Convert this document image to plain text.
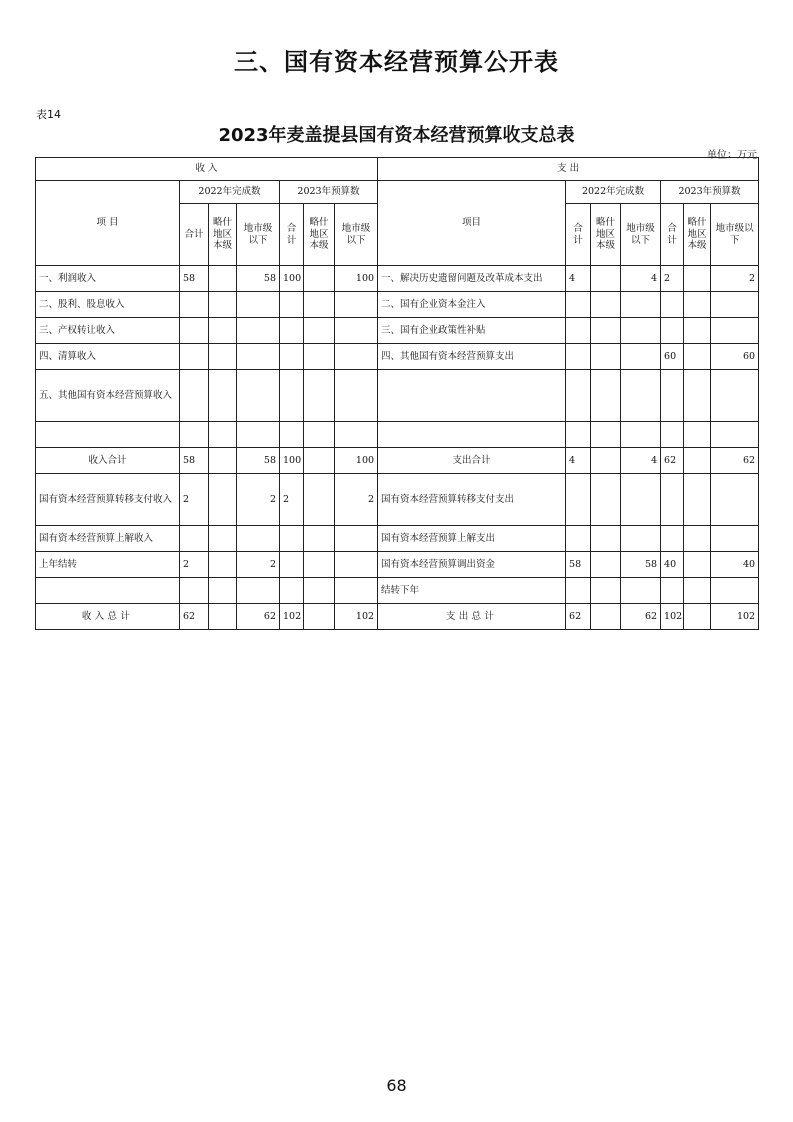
三、国有资本经营预算公开表
表14
2023年麦盖提县国有资本经营预算收支总表
单位：万元
收 入							支 出						
项 目	2022年完成数			2023年预算数			项目	2022年完成数			2023年预算数		
	合计	略什地区本级	地市级以下	合计	略什地区本级	地市级以下		合计	略什地区本级	地市级以下	合计	略什地区本级	地市级以下
一、利润收入	58		58	100		100	一、解决历史遗留问题及改革成本支出	4		4	2		2
二、股利、股息收入							二、国有企业资本金注入						
三、产权转让收入							三、国有企业政策性补贴						
四、清算收入							四、其他国有资本经营预算支出				60		60
五、其他国有资本经营预算收入													

收入合计	58		58	100		100	支出合计	4		4	62		62
国有资本经营预算转移支付收入	2		2	2		2	国有资本经营预算转移支付支出						
国有资本经营预算上解收入							国有资本经营预算上解支出						
上年结转	2		2				国有资本经营预算调出资金	58		58	40		40
							结转下年						
收入总计	62		62	102		102	支出总计	62		62	102		102
68
